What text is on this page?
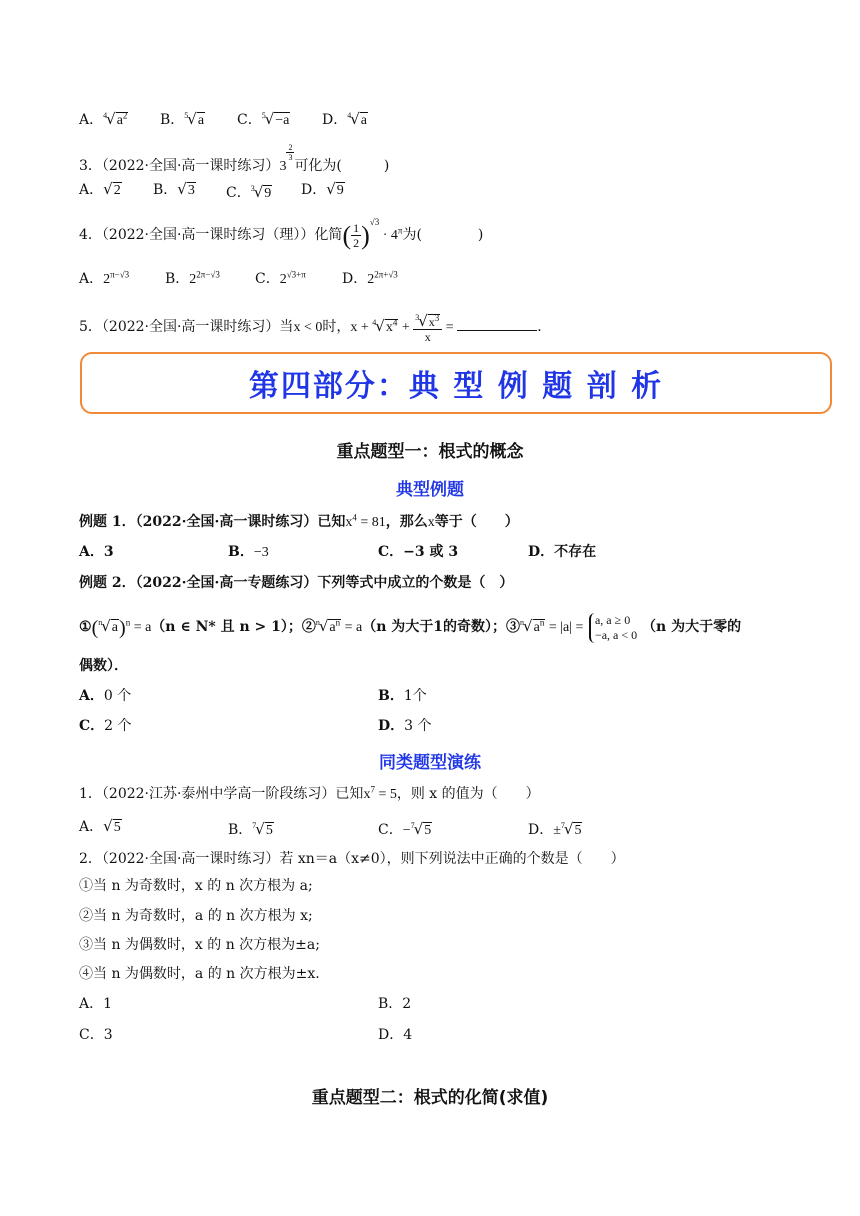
A．$^4√a^2$ B．$^5$√a C．$^5$√−a D．$^4$√a
3．（2022·全国·高一课时练习）3
$\frac{2}{3}$
可化为(　　　)
A．√2 B．√3 C．$^3$√9 D．√9
4．（2022·全国·高一课时练习（理））化简( $\frac{1}{2} )^{√3} \cdot 4^\pi$为(　　　　)
A．$2^{\pi-√3}$	B．$2^{2\pi-√3}$	C．$2^{√3+\pi}$	D．$2^{2\pi+√3}$
5．（2022·全国·高一课时练习）当x < 0时，$x + ^4√x^4 + \frac{^3√x^3}{x}$ =	．
第四部分：典 型 例 题 剖 析
重点题型一：根式的概念
典型例题
例题 1．（2022·全国·高一课时练习）已知$x^4 = 81$，那么x等于（　　）
A．3	B．−3	C．−3 或 3	D．不存在
例题 2．（2022·全国·高一专题练习）下列等式中成立的个数是（　）
$①(^n√a)^n = a(n$ ∈ N* 且 n > 1）；$②^n√a^n = a(n$ 为大于1的奇数）；$③^n√a^n = |a|$ =
a, a ≥ 0
−a, a < 0 （n 为大于零的
偶数）．
A．0 个	B．1个
C．2 个	D．3 个
同类题型演练
1．（2022·江苏·泰州中学高一阶段练习）已知$x^7 = 5$，则 x 的值为（　　）
A．√5	B．$^7$√5	C．−$^7$√5	D．±$^7$√5
2．（2022·全国·高一课时练习）若 xn＝a（x≠0），则下列说法中正确的个数是（　　）
①当 n 为奇数时，x 的 n 次方根为 a;
②当 n 为奇数时，a 的 n 次方根为 x;
③当 n 为偶数时，x 的 n 次方根为±a;
④当 n 为偶数时，a 的 n 次方根为±x.
A．1	B．2
C．3	D．4
重点题型二：根式的化简(求值)
